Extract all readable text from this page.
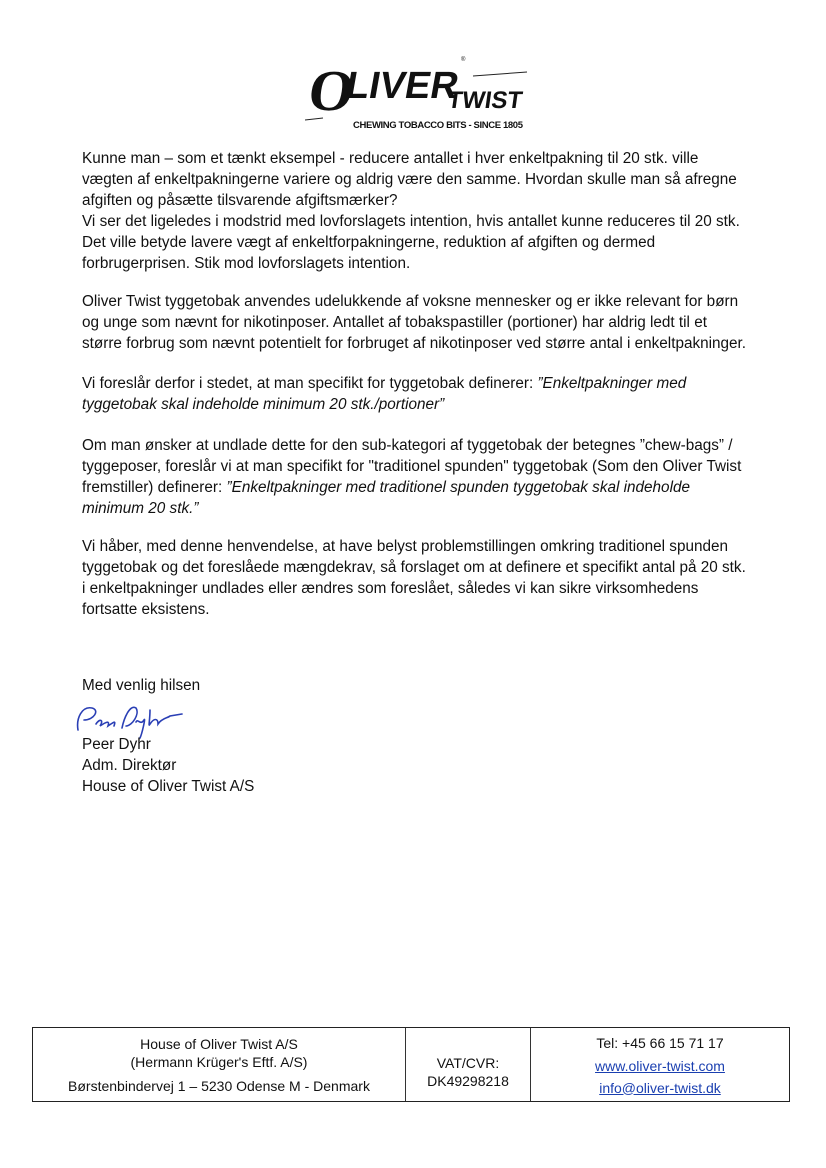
O
LIVER
®
TWIST
CHEWING TOBACCO BITS - SINCE 1805
Kunne man – som et tænkt eksempel - reducere antallet i hver enkeltpakning til 20 stk. ville
vægten af enkeltpakningerne variere og aldrig være den samme. Hvordan skulle man så afregne
afgiften og påsætte tilsvarende afgiftsmærker?
Vi ser det ligeledes i modstrid med lovforslagets intention, hvis antallet kunne reduceres til 20 stk.
Det ville betyde lavere vægt af enkeltforpakningerne, reduktion af afgiften og dermed
forbrugerprisen. Stik mod lovforslagets intention.
Oliver Twist tyggetobak anvendes udelukkende af voksne mennesker og er ikke relevant for børn
og unge som nævnt for nikotinposer. Antallet af tobakspastiller (portioner) har aldrig ledt til et
større forbrug som nævnt potentielt for forbruget af nikotinposer ved større antal i enkeltpakninger.
Vi foreslår derfor i stedet, at man specifikt for tyggetobak definerer: ”Enkeltpakninger med
tyggetobak skal indeholde minimum 20 stk./portioner”
Om man ønsker at undlade dette for den sub-kategori af tyggetobak der betegnes ”chew-bags” /
tyggeposer, foreslår vi at man specifikt for "traditionel spunden" tyggetobak (Som den Oliver Twist
fremstiller) definerer: ”Enkeltpakninger med traditionel spunden tyggetobak skal indeholde
minimum 20 stk.”
Vi håber, med denne henvendelse, at have belyst problemstillingen omkring traditionel spunden
tyggetobak og det foreslåede mængdekrav, så forslaget om at definere et specifikt antal på 20 stk.
i enkeltpakninger undlades eller ændres som foreslået, således vi kan sikre virksomhedens
fortsatte eksistens.
Med venlig hilsen
Peer Dyhr
Adm. Direktør
House of Oliver Twist A/S
House of Oliver Twist A/S
(Hermann Krüger's Eftf. A/S)
Børstenbindervej 1 – 5230 Odense M - Denmark
VAT/CVR:
DK49298218
Tel: +45 66 15 71 17
www.oliver-twist.com
info@oliver-twist.dk
